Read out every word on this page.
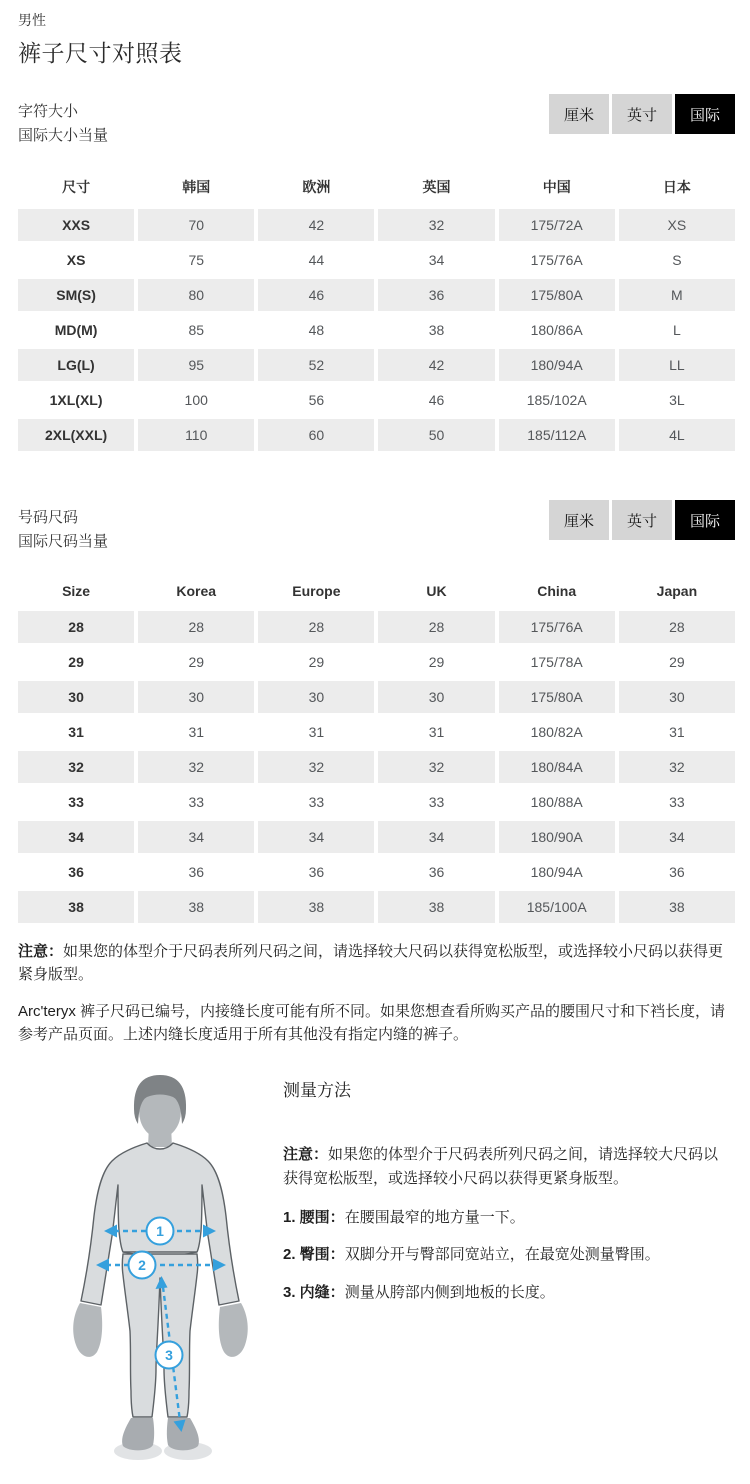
男性
裤子尺寸对照表
字符大小
国际大小当量
厘米	英寸	国际
尺寸	韩国	欧洲	英国	中国	日本
XXS	70	42	32	175/72A	XS
XS	75	44	34	175/76A	S
SM(S)	80	46	36	175/80A	M
MD(M)	85	48	38	180/86A	L
LG(L)	95	52	42	180/94A	LL
1XL(XL)	100	56	46	185/102A	3L
2XL(XXL)	110	60	50	185/112A	4L
号码尺码
国际尺码当量
厘米	英寸	国际
Size	Korea	Europe	UK	China	Japan
28	28	28	28	175/76A	28
29	29	29	29	175/78A	29
30	30	30	30	175/80A	30
31	31	31	31	180/82A	31
32	32	32	32	180/84A	32
33	33	33	33	180/88A	33
34	34	34	34	180/90A	34
36	36	36	36	180/94A	36
38	38	38	38	185/100A	38

注意：如果您的体型介于尺码表所列尺码之间，请选择较大尺码以获得宽松版型，或选择较小尺码以获得更紧身版型。

Arc'teryx 裤子尺码已编号，内接缝长度可能有所不同。如果您想查看所购买产品的腰围尺寸和下裆长度，请参考产品页面。上述内缝长度适用于所有其他没有指定内缝的裤子。

1
2
3
测量方法

注意：如果您的体型介于尺码表所列尺码之间，请选择较大尺码以获得宽松版型，或选择较小尺码以获得更紧身版型。

1. 腰围：在腰围最窄的地方量一下。

2. 臀围：双脚分开与臀部同宽站立，在最宽处测量臀围。

3. 内缝：测量从胯部内侧到地板的长度。
